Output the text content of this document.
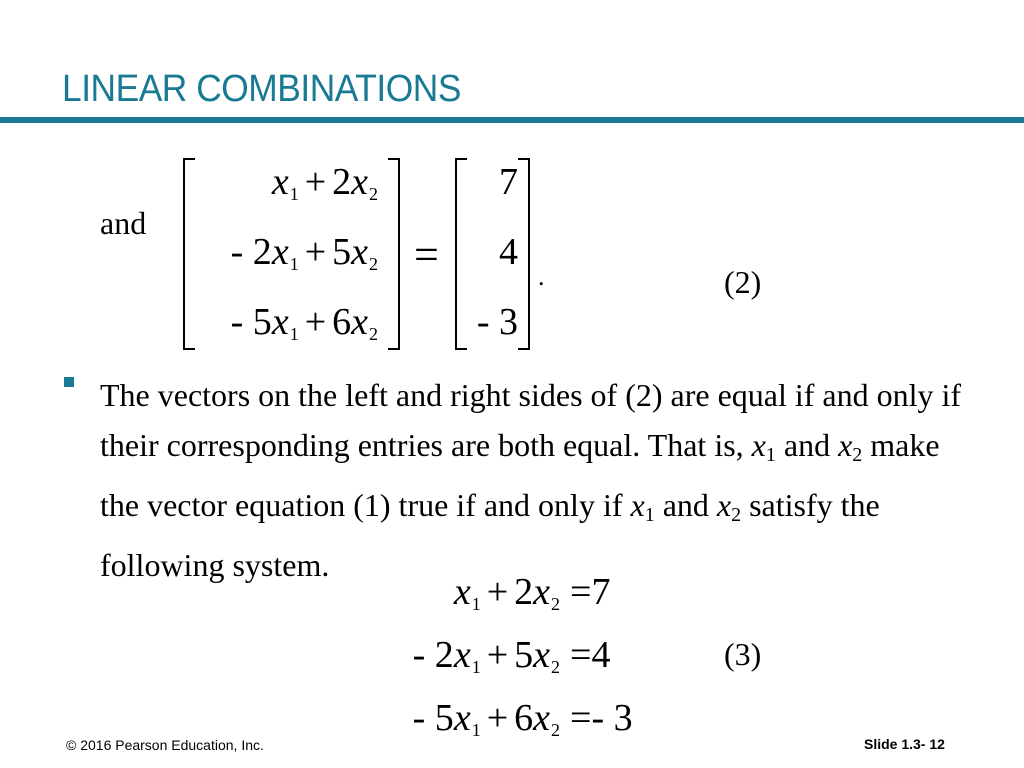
LINEAR COMBINATIONS
and
$x_1 + 2x_2$
- $2x_1 + 5x_2$
- $5x_1 + 6x_2$
=
7
4
- 3
.	(2)
The vectors on the left and right sides of (2) are equal if and only if their corresponding entries are both equal. That is, $x_1$ and $x_2$ make the vector equation (1) true if and only if $x_1$ and $x_2$ satisfy the following system.
$x_1 + 2x_2 =7$
- $2x_1 + 5x_2 =4$
- $5x_1 + 6x_2 =- 3$
(3)
© 2016 Pearson Education, Inc.	Slide 1.3- 12
